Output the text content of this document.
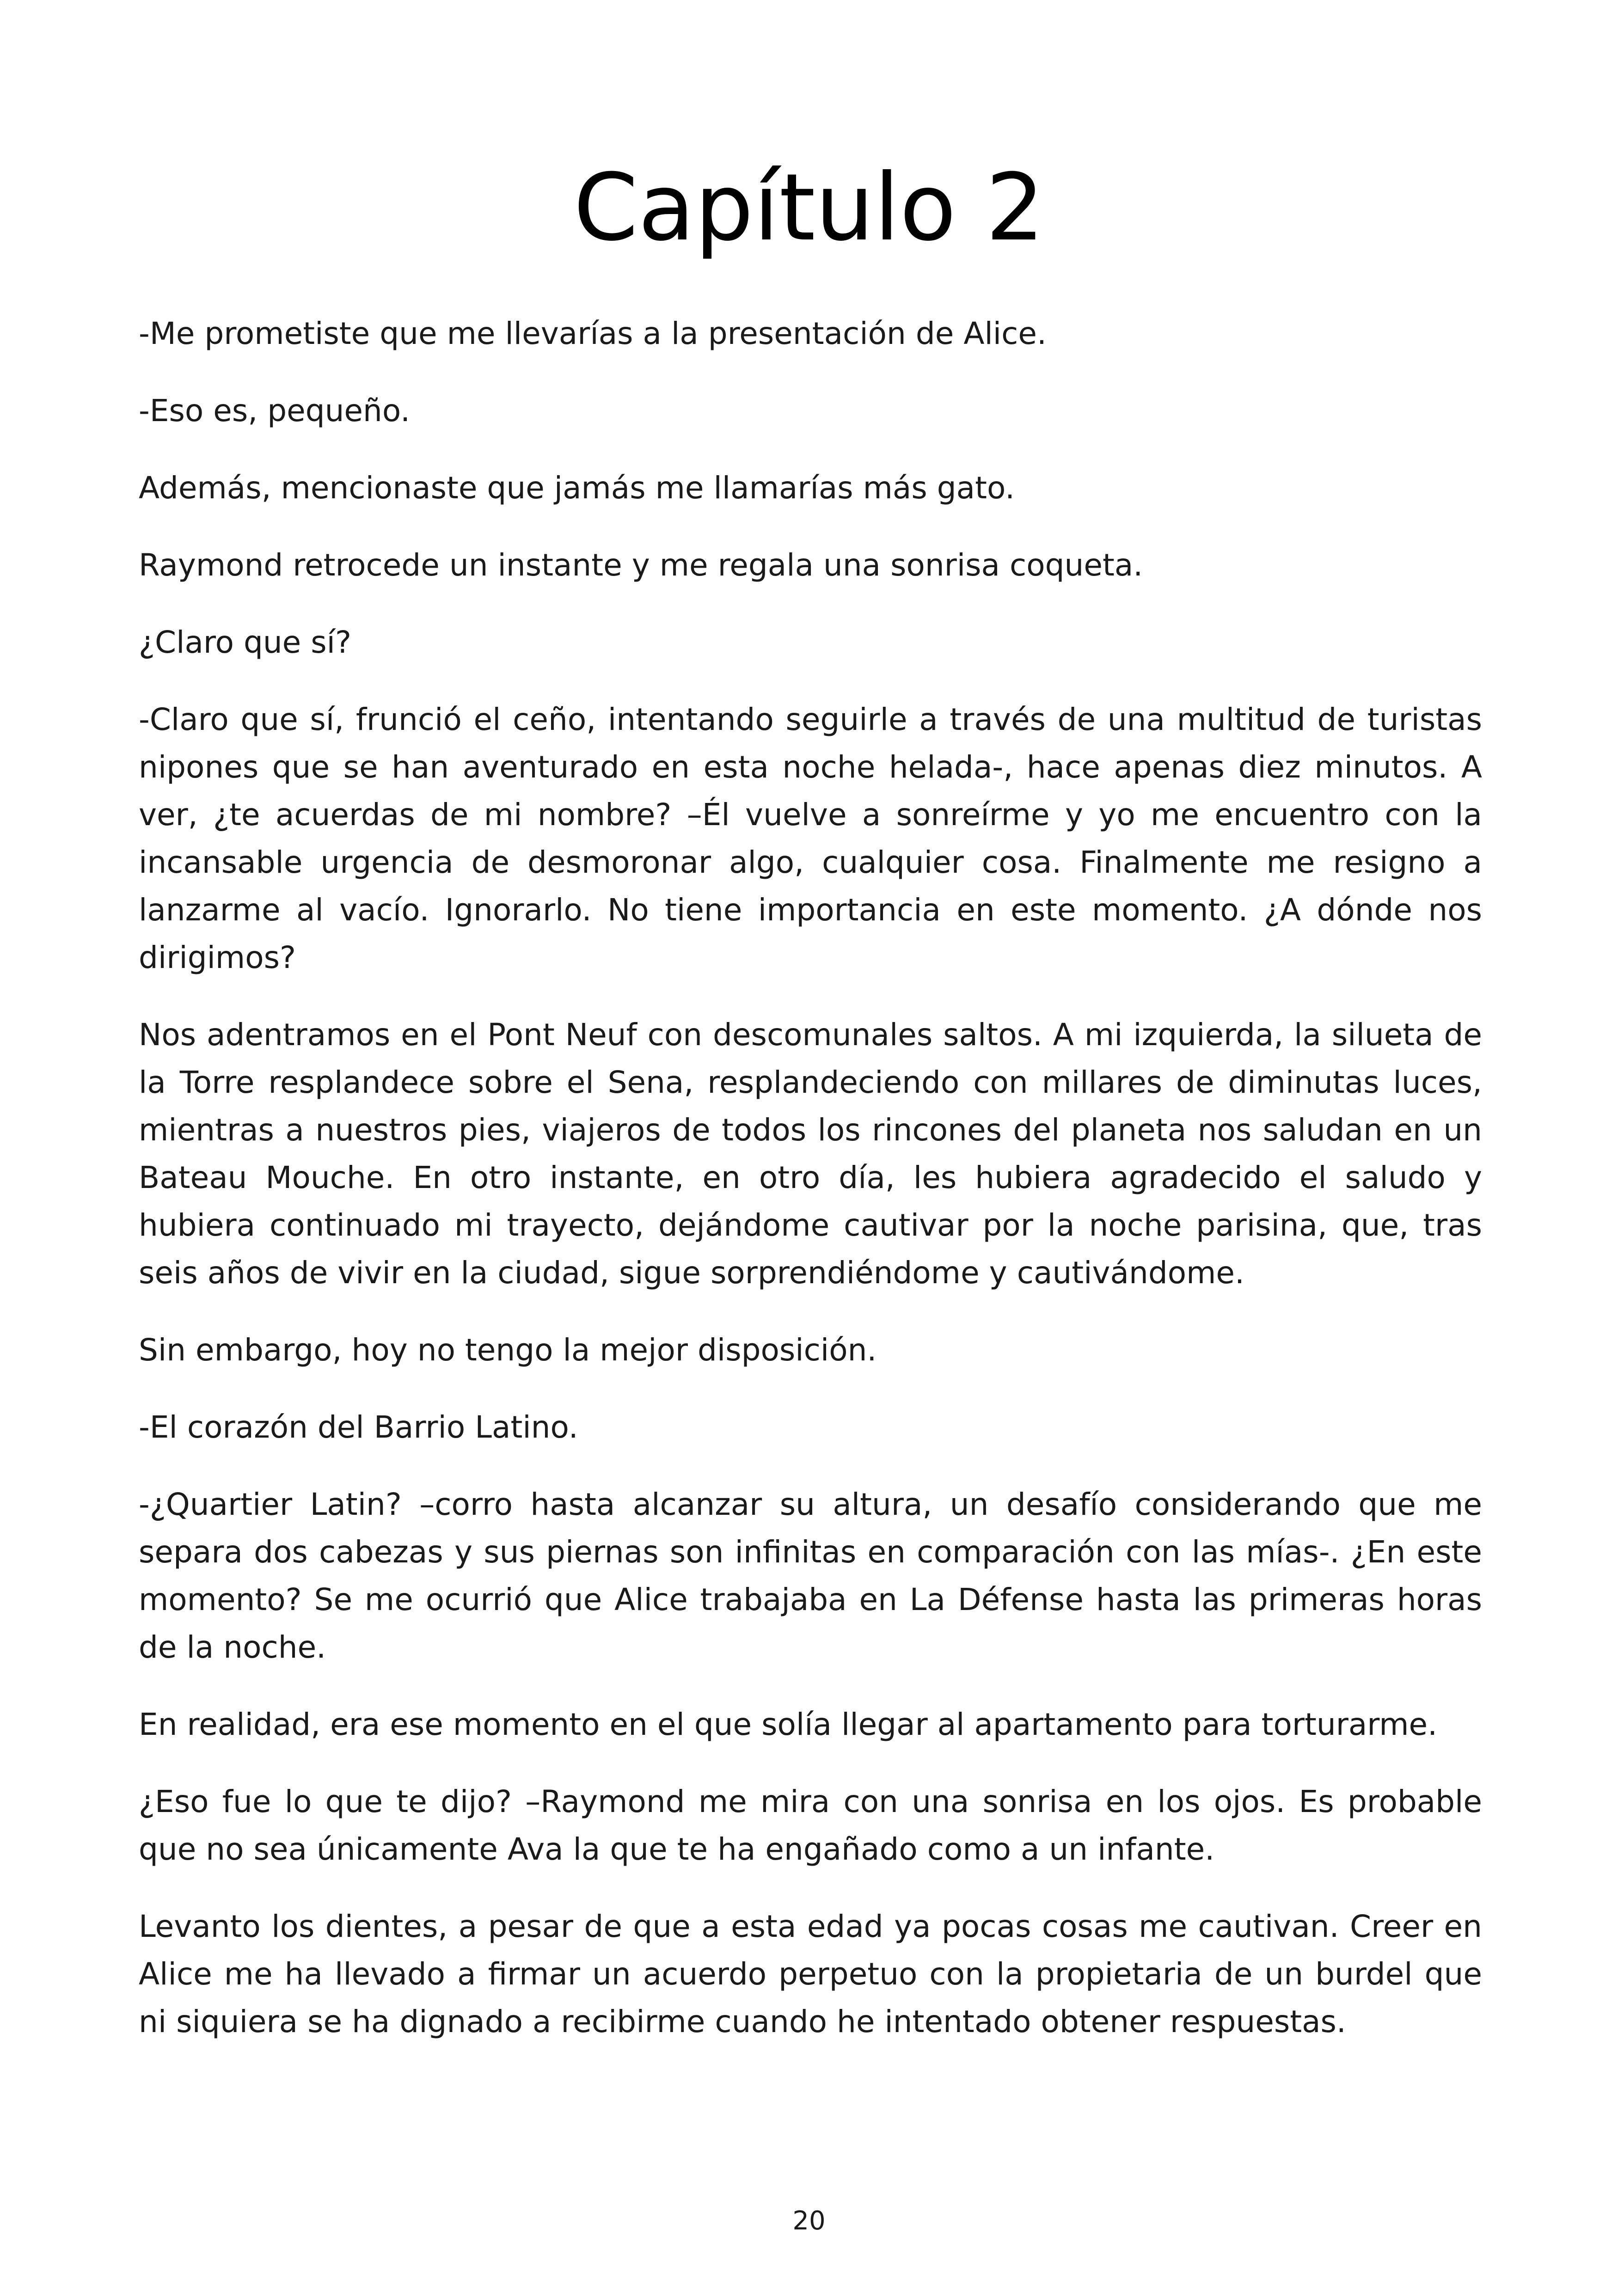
Capítulo 2

-Me prometiste que me llevarías a la presentación de Alice.

-Eso es, pequeño.

Además, mencionaste que jamás me llamarías más gato.

Raymond retrocede un instante y me regala una sonrisa coqueta.

¿Claro que sí?

-Claro que sí, frunció el ceño, intentando seguirle a través de una multitud de turistas nipones que se han aventurado en esta noche helada-, hace apenas diez minutos. A ver, ¿te acuerdas de mi nombre? –Él vuelve a sonreírme y yo me encuentro con la incansable urgencia de desmoronar algo, cualquier cosa. Finalmente me resigno a lanzarme al vacío. Ignorarlo. No tiene importancia en este momento. ¿A dónde nos dirigimos?

Nos adentramos en el Pont Neuf con descomunales saltos. A mi izquierda, la silueta de la Torre resplandece sobre el Sena, resplandeciendo con millares de diminutas luces, mientras a nuestros pies, viajeros de todos los rincones del planeta nos saludan en un Bateau Mouche. En otro instante, en otro día, les hubiera agradecido el saludo y hubiera continuado mi trayecto, dejándome cautivar por la noche parisina, que, tras seis años de vivir en la ciudad, sigue sorprendiéndome y cautivándome.

Sin embargo, hoy no tengo la mejor disposición.

-El corazón del Barrio Latino.

-¿Quartier Latin? –corro hasta alcanzar su altura, un desafío considerando que me separa dos cabezas y sus piernas son infinitas en comparación con las mías-. ¿En este momento? Se me ocurrió que Alice trabajaba en La Défense hasta las primeras horas de la noche.

En realidad, era ese momento en el que solía llegar al apartamento para torturarme.

¿Eso fue lo que te dijo? –Raymond me mira con una sonrisa en los ojos. Es probable que no sea únicamente Ava la que te ha engañado como a un infante.

Levanto los dientes, a pesar de que a esta edad ya pocas cosas me cautivan. Creer en Alice me ha llevado a firmar un acuerdo perpetuo con la propietaria de un burdel que ni siquiera se ha dignado a recibirme cuando he intentado obtener respuestas.

20
